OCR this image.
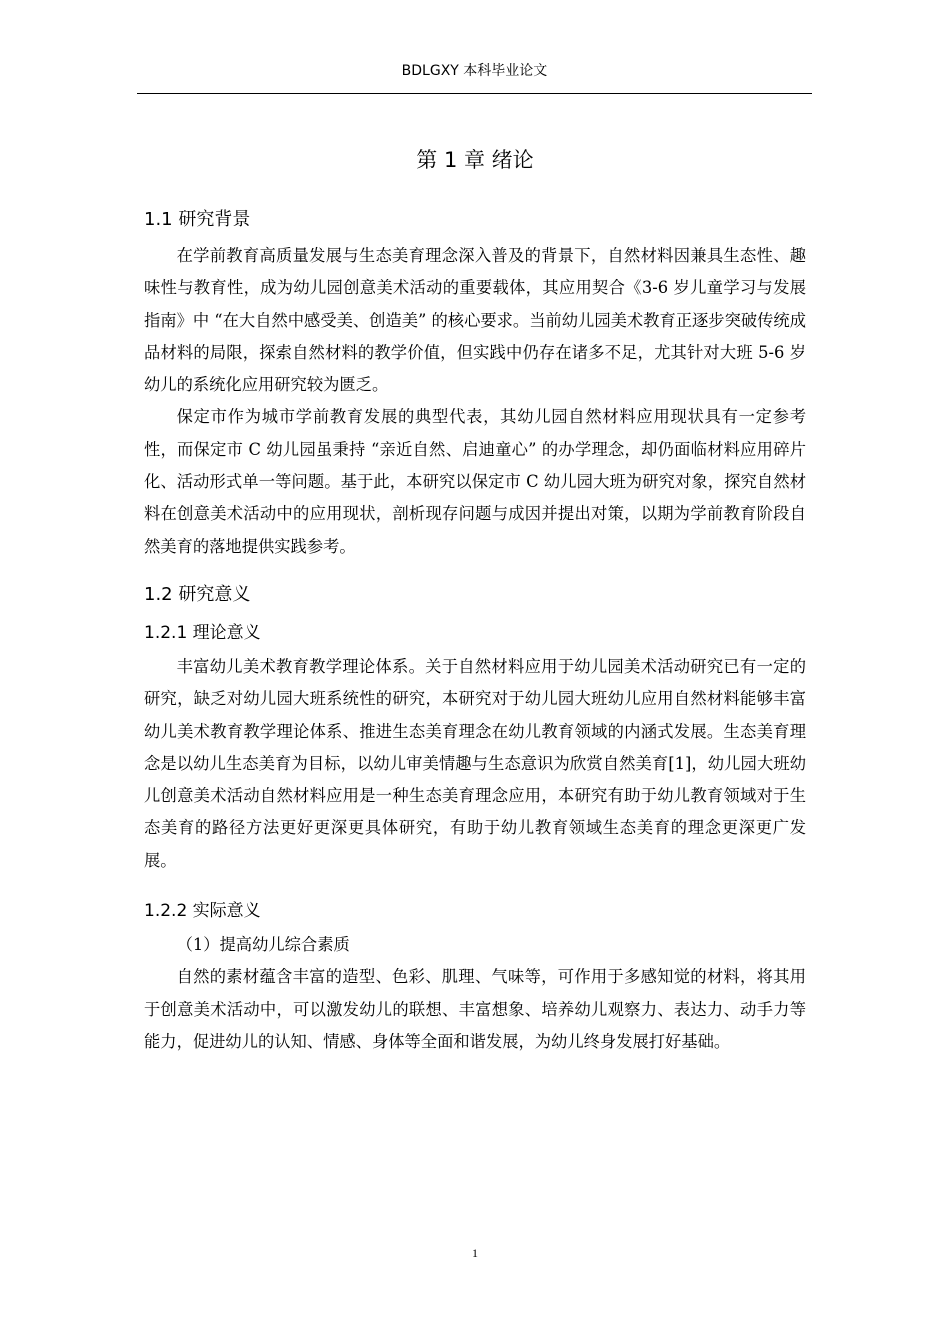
BDLGXY 本科毕业论文
第 1 章 绪论
1.1 研究背景

在学前教育高质量发展与生态美育理念深入普及的背景下，自然材料因兼具生态性、趣味性与教育性，成为幼儿园创意美术活动的重要载体，其应用契合《3-6 岁儿童学习与发展指南》中 “在大自然中感受美、创造美” 的核心要求。当前幼儿园美术教育正逐步突破传统成品材料的局限，探索自然材料的教学价值，但实践中仍存在诸多不足，尤其针对大班 5-6 岁幼儿的系统化应用研究较为匮乏。

保定市作为城市学前教育发展的典型代表，其幼儿园自然材料应用现状具有一定参考性，而保定市 C 幼儿园虽秉持 “亲近自然、启迪童心” 的办学理念，却仍面临材料应用碎片化、活动形式单一等问题。基于此，本研究以保定市 C 幼儿园大班为研究对象，探究自然材料在创意美术活动中的应用现状，剖析现存问题与成因并提出对策，以期为学前教育阶段自然美育的落地提供实践参考。

1.2 研究意义
1.2.1 理论意义

丰富幼儿美术教育教学理论体系。关于自然材料应用于幼儿园美术活动研究已有一定的研究，缺乏对幼儿园大班系统性的研究，本研究对于幼儿园大班幼儿应用自然材料能够丰富幼儿美术教育教学理论体系、推进生态美育理念在幼儿教育领域的内涵式发展。生态美育理念是以幼儿生态美育为目标，以幼儿审美情趣与生态意识为欣赏自然美育[1]，幼儿园大班幼儿创意美术活动自然材料应用是一种生态美育理念应用，本研究有助于幼儿教育领域对于生态美育的路径方法更好更深更具体研究，有助于幼儿教育领域生态美育的理念更深更广发展。

1.2.2 实际意义

（1）提高幼儿综合素质

自然的素材蕴含丰富的造型、色彩、肌理、气味等，可作用于多感知觉的材料，将其用于创意美术活动中，可以激发幼儿的联想、丰富想象、培养幼儿观察力、表达力、动手力等能力，促进幼儿的认知、情感、身体等全面和谐发展，为幼儿终身发展打好基础。

1
